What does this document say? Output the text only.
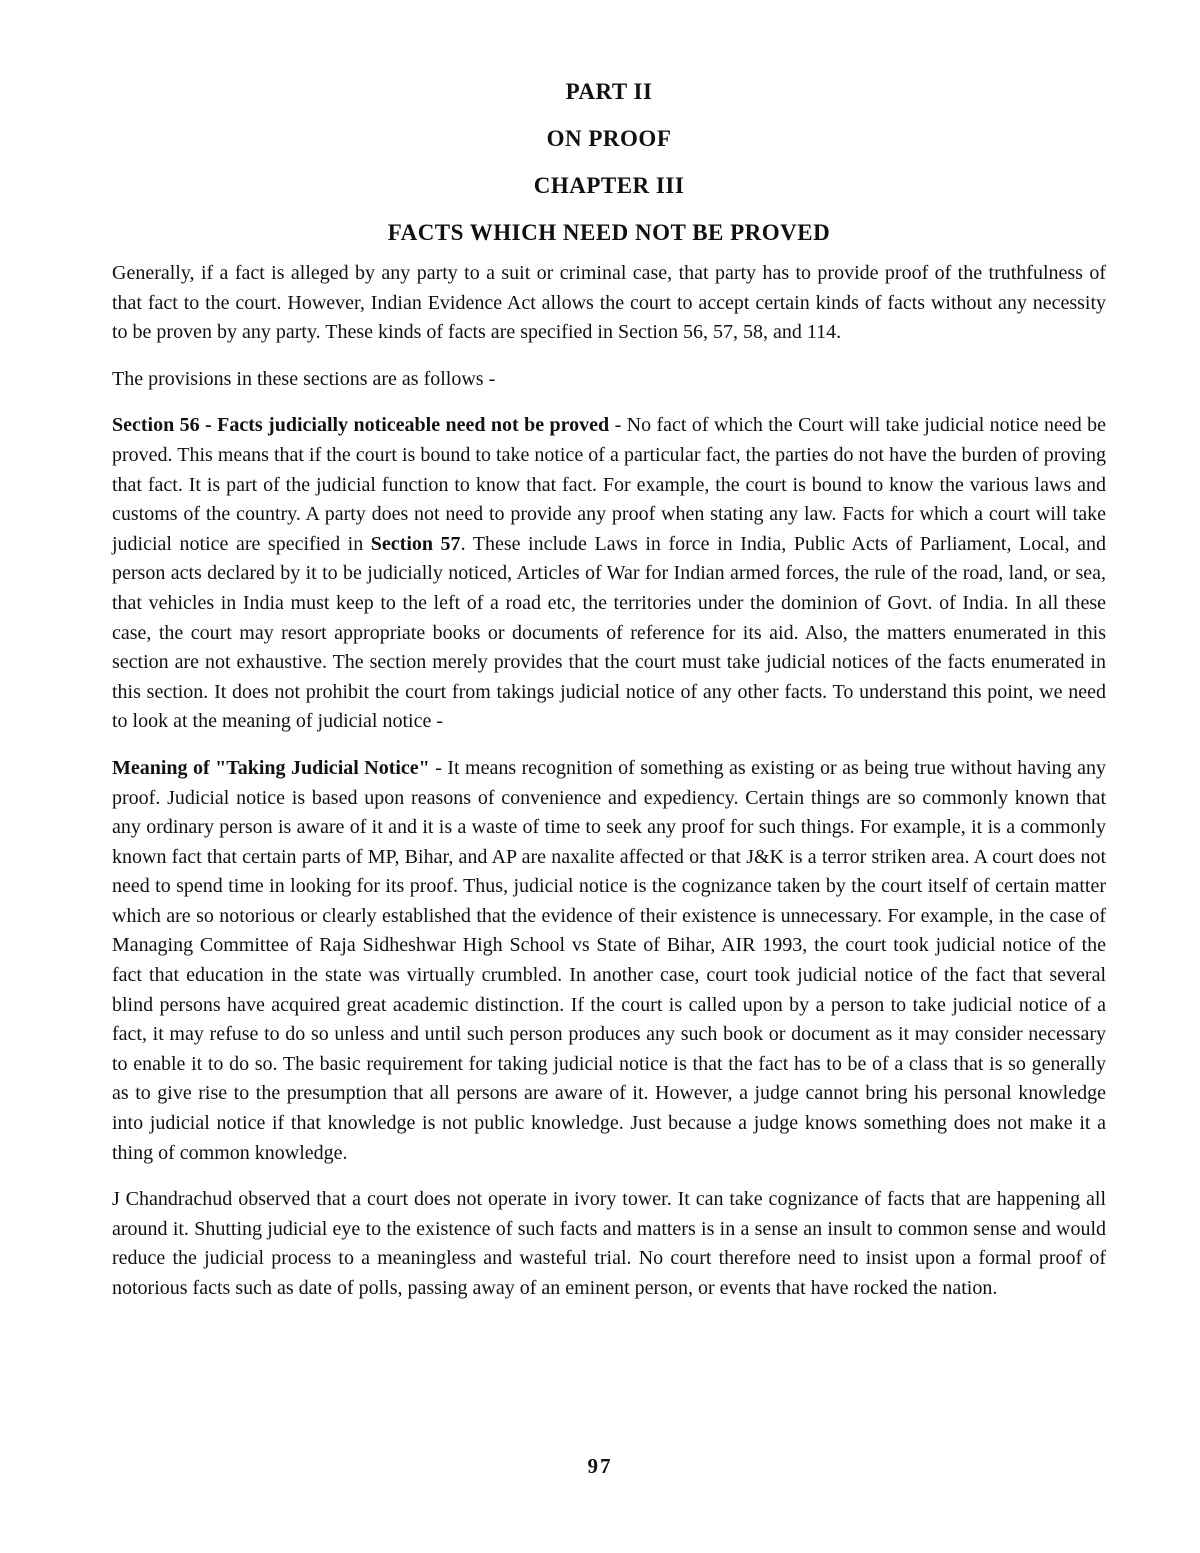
PART II
ON PROOF
CHAPTER III
FACTS WHICH NEED NOT BE PROVED

Generally, if a fact is alleged by any party to a suit or criminal case, that party has to provide proof of the truthfulness of that fact to the court. However, Indian Evidence Act allows the court to accept certain kinds of facts without any necessity to be proven by any party. These kinds of facts are specified in Section 56, 57, 58, and 114.

The provisions in these sections are as follows -

Section 56 - Facts judicially noticeable need not be proved - No fact of which the Court will take judicial notice need be proved. This means that if the court is bound to take notice of a particular fact, the parties do not have the burden of proving that fact. It is part of the judicial function to know that fact. For example, the court is bound to know the various laws and customs of the country. A party does not need to provide any proof when stating any law. Facts for which a court will take judicial notice are specified in Section 57. These include Laws in force in India, Public Acts of Parliament, Local, and person acts declared by it to be judicially noticed, Articles of War for Indian armed forces, the rule of the road, land, or sea, that vehicles in India must keep to the left of a road etc, the territories under the dominion of Govt. of India. In all these case, the court may resort appropriate books or documents of reference for its aid. Also, the matters enumerated in this section are not exhaustive. The section merely provides that the court must take judicial notices of the facts enumerated in this section. It does not prohibit the court from takings judicial notice of any other facts. To understand this point, we need to look at the meaning of judicial notice -

Meaning of "Taking Judicial Notice" - It means recognition of something as existing or as being true without having any proof. Judicial notice is based upon reasons of convenience and expediency. Certain things are so commonly known that any ordinary person is aware of it and it is a waste of time to seek any proof for such things. For example, it is a commonly known fact that certain parts of MP, Bihar, and AP are naxalite affected or that J&K is a terror striken area. A court does not need to spend time in looking for its proof. Thus, judicial notice is the cognizance taken by the court itself of certain matter which are so notorious or clearly established that the evidence of their existence is unnecessary. For example, in the case of Managing Committee of Raja Sidheshwar High School vs State of Bihar, AIR 1993, the court took judicial notice of the fact that education in the state was virtually crumbled. In another case, court took judicial notice of the fact that several blind persons have acquired great academic distinction. If the court is called upon by a person to take judicial notice of a fact, it may refuse to do so unless and until such person produces any such book or document as it may consider necessary to enable it to do so. The basic requirement for taking judicial notice is that the fact has to be of a class that is so generally as to give rise to the presumption that all persons are aware of it. However, a judge cannot bring his personal knowledge into judicial notice if that knowledge is not public knowledge. Just because a judge knows something does not make it a thing of common knowledge.

J Chandrachud observed that a court does not operate in ivory tower. It can take cognizance of facts that are happening all around it. Shutting judicial eye to the existence of such facts and matters is in a sense an insult to common sense and would reduce the judicial process to a meaningless and wasteful trial. No court therefore need to insist upon a formal proof of notorious facts such as date of polls, passing away of an eminent person, or events that have rocked the nation.

97
